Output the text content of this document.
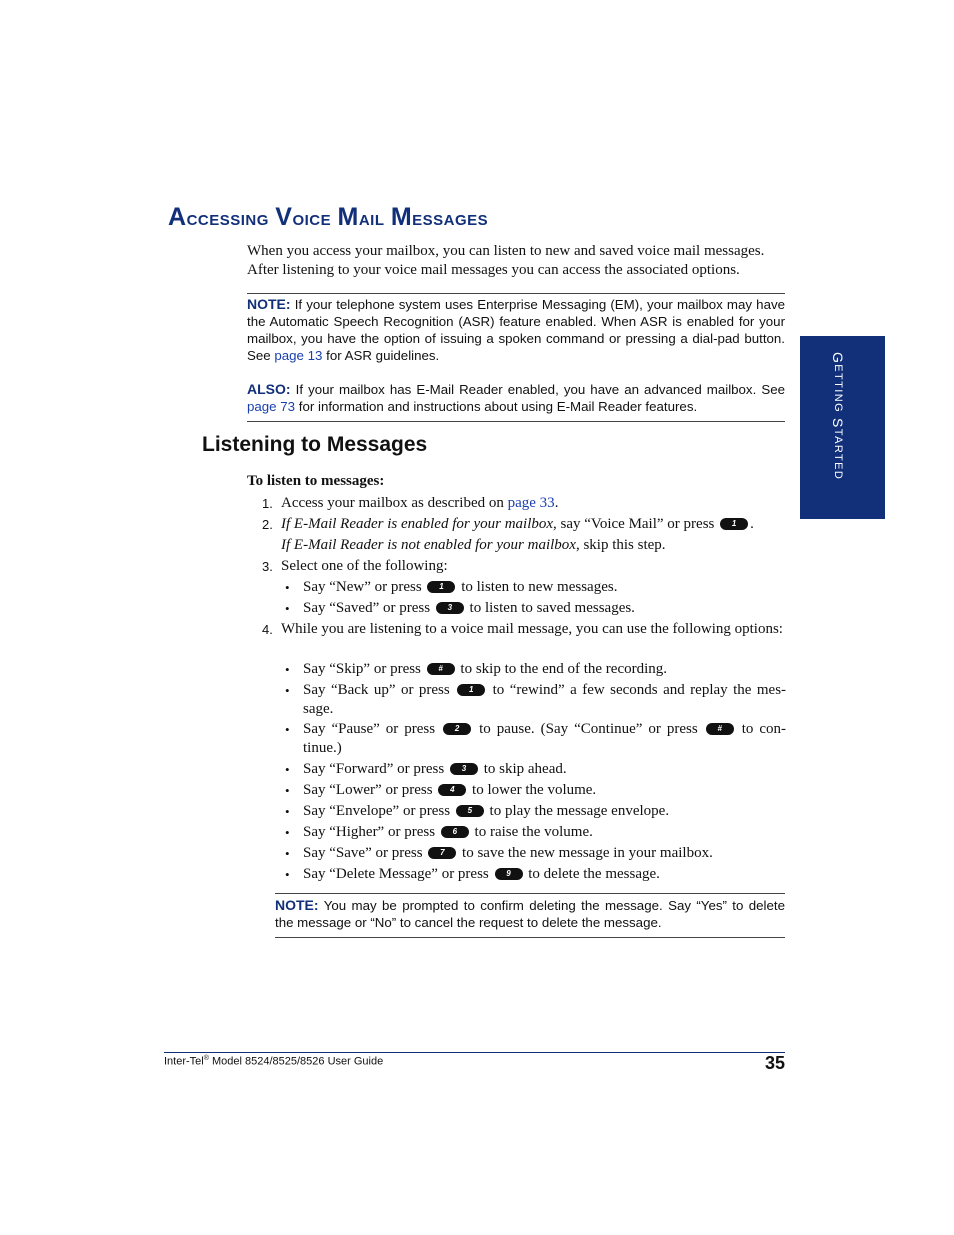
Accessing Voice Mail Messages

When you access your mailbox, you can listen to new and saved voice mail messages. After listening to your voice mail messages you can access the associated options.

NOTE: If your telephone system uses Enterprise Messaging (EM), your mailbox may have the Automatic Speech Recognition (ASR) feature enabled. When ASR is enabled for your mailbox, you have the option of issuing a spoken command or pressing a dial-pad button. See page 13 for ASR guidelines.

ALSO: If your mailbox has E-Mail Reader enabled, you have an advanced mailbox. See page 73 for information and instructions about using E-Mail Reader features.

GETTING STARTED
Listening to Messages

To listen to messages:

1. Access your mailbox as described on page 33.
2. If E-Mail Reader is enabled for your mailbox, say “Voice Mail” or press 1 .
If E-Mail Reader is not enabled for your mailbox, skip this step.
3. Select one of the following:
• Say “New” or press 1 to listen to new messages.
• Say “Saved” or press 3 to listen to saved messages.
4. While you are listening to a voice mail message, you can use the following options:
• Say “Skip” or press # to skip to the end of the recording.
• Say “Back up” or press 1 to “rewind” a few seconds and replay the mes-sage.
• Say “Pause” or press 2 to pause. (Say “Continue” or press # to con-tinue.)
• Say “Forward” or press 3 to skip ahead.
• Say “Lower” or press 4 to lower the volume.
• Say “Envelope” or press 5 to play the message envelope.
• Say “Higher” or press 6 to raise the volume.
• Say “Save” or press 7 to save the new message in your mailbox.
• Say “Delete Message” or press 9 to delete the message.

NOTE: You may be prompted to confirm deleting the message. Say “Yes” to delete the message or “No” to cancel the request to delete the message.

Inter-Tel® Model 8524/8525/8526 User Guide	35
